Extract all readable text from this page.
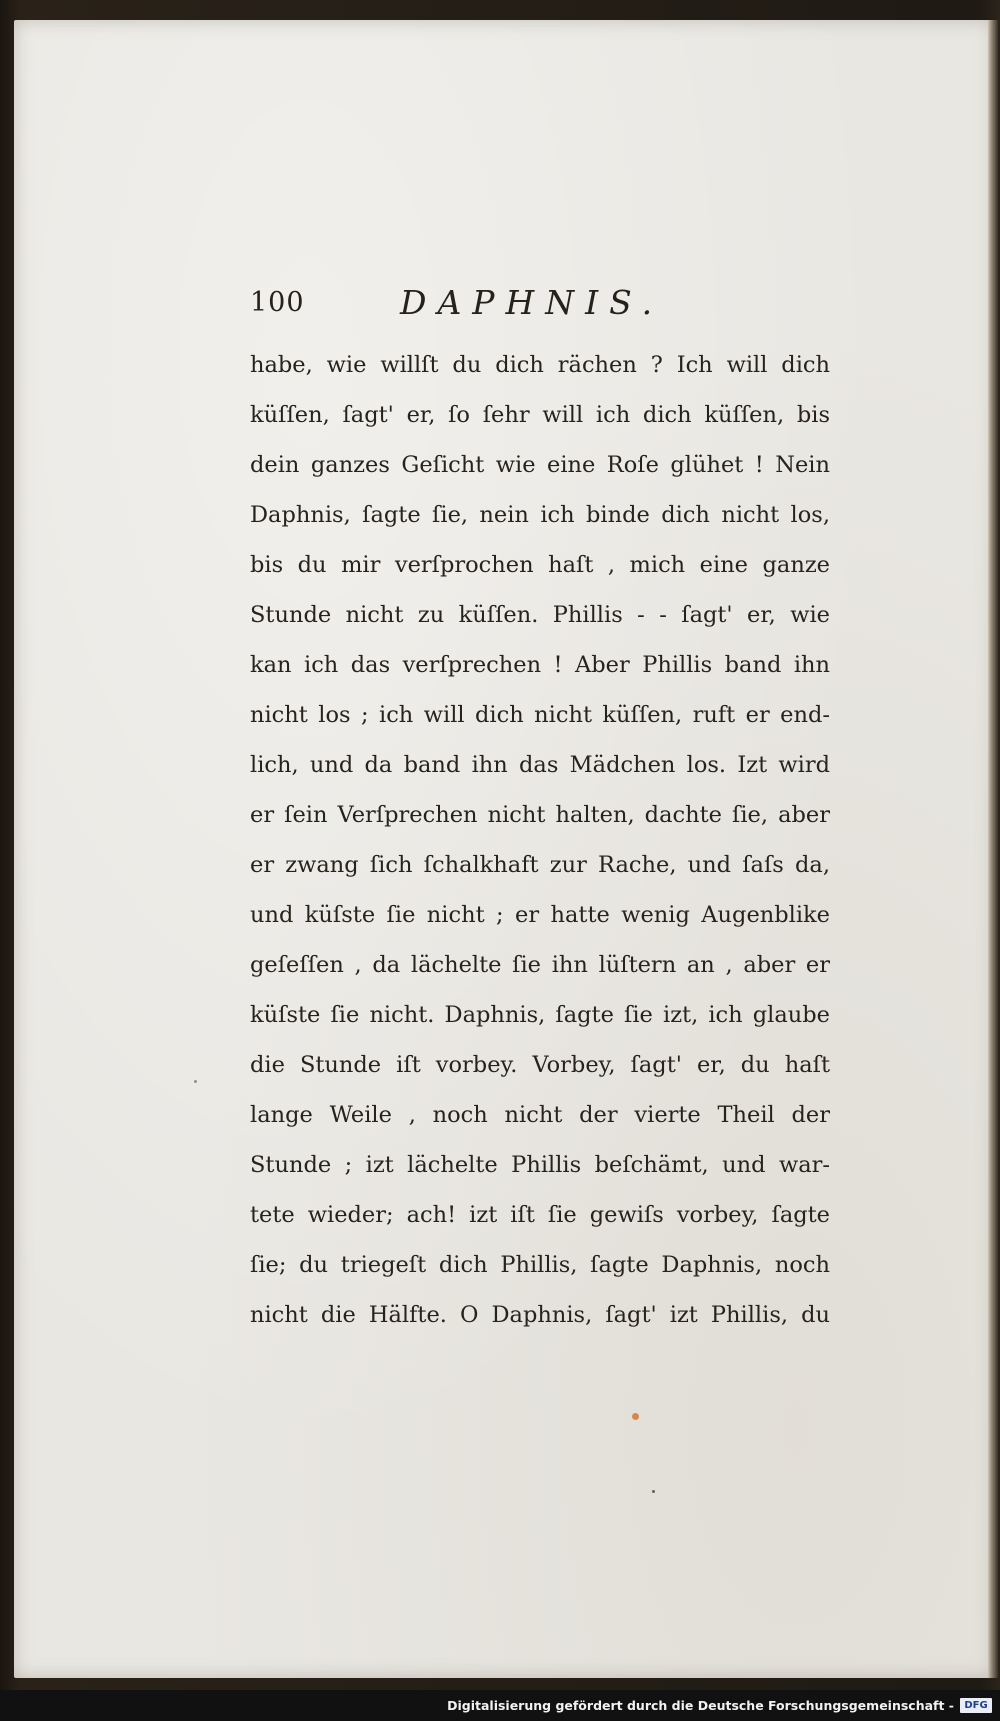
100	DAPHNIS.
habe, wie willſt du dich rächen ? Ich will dich
küſſen, ſagt' er, ſo ſehr will ich dich küſſen, bis
dein ganzes Geſicht wie eine Roſe glühet ! Nein
Daphnis, ſagte ſie, nein ich binde dich nicht los,
bis du mir verſprochen haſt , mich eine ganze
Stunde nicht zu küſſen. Phillis - - ſagt' er, wie
kan ich das verſprechen ! Aber Phillis band ihn
nicht los ; ich will dich nicht küſſen, ruft er end-
lich, und da band ihn das Mädchen los. Izt wird
er ſein Verſprechen nicht halten, dachte ſie, aber
er zwang ſich ſchalkhaft zur Rache, und ſaſs da,
und küſste ſie nicht ; er hatte wenig Augenblike
geſeſſen , da lächelte ſie ihn lüſtern an , aber er
küſste ſie nicht. Daphnis, ſagte ſie izt, ich glaube
die Stunde iſt vorbey. Vorbey, ſagt' er, du haſt
lange Weile , noch nicht der vierte Theil der
Stunde ; izt lächelte Phillis beſchämt, und war-
tete wieder; ach! izt iſt ſie gewiſs vorbey, ſagte
ſie; du triegeſt dich Phillis, ſagte Daphnis, noch
nicht die Hälfte. O Daphnis, ſagt' izt Phillis, du
Digitalisierung gefördert durch die Deutsche Forschungsgemeinschaft -	DFG
